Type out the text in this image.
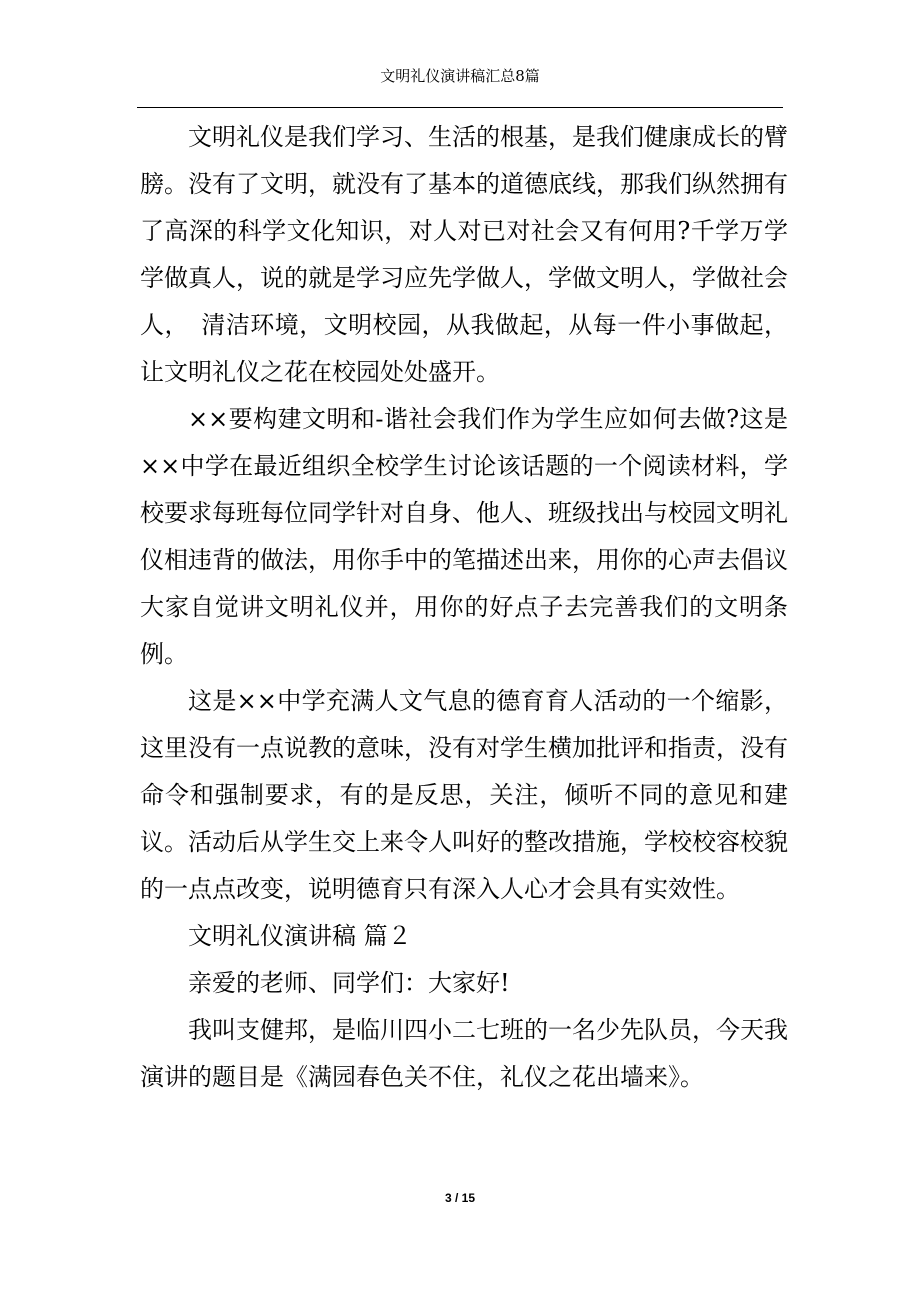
文明礼仪演讲稿汇总8篇

文明礼仪是我们学习、生活的根基，是我们健康成长的臂膀。没有了文明，就没有了基本的道德底线，那我们纵然拥有了高深的科学文化知识，对人对已对社会又有何用?千学万学学做真人，说的就是学习应先学做人，学做文明人，学做社会人，　清洁环境，文明校园，从我做起，从每一件小事做起，让文明礼仪之花在校园处处盛开。

××要构建文明和-谐社会我们作为学生应如何去做?这是××中学在最近组织全校学生讨论该话题的一个阅读材料，学校要求每班每位同学针对自身、他人、班级找出与校园文明礼仪相违背的做法，用你手中的笔描述出来，用你的心声去倡议大家自觉讲文明礼仪并，用你的好点子去完善我们的文明条例。

这是××中学充满人文气息的德育育人活动的一个缩影，这里没有一点说教的意味，没有对学生横加批评和指责，没有命令和强制要求，有的是反思，关注，倾听不同的意见和建议。活动后从学生交上来令人叫好的整改措施，学校校容校貌的一点点改变，说明德育只有深入人心才会具有实效性。

文明礼仪演讲稿 篇２

亲爱的老师、同学们：大家好!

我叫支健邦，是临川四小二七班的一名少先队员，今天我演讲的题目是《满园春色关不住，礼仪之花出墙来》。

3 / 15
